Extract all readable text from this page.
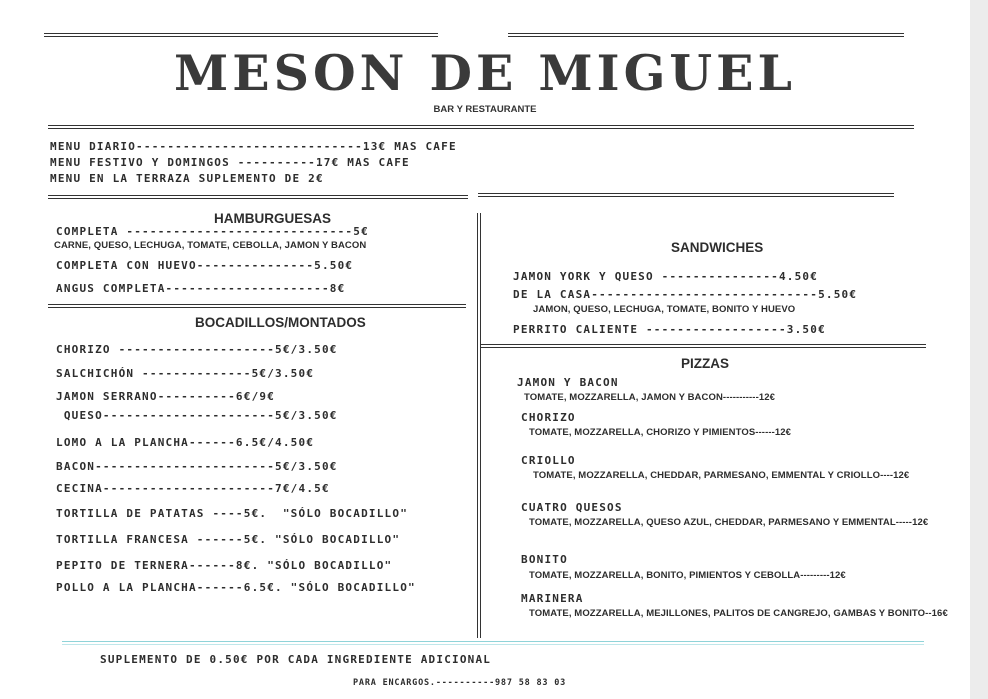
MESON DE MIGUEL
BAR Y RESTAURANTE
MENU DIARIO-----------------------------13€ MAS CAFE
MENU FESTIVO Y DOMINGOS ----------17€ MAS CAFE
MENU EN LA TERRAZA SUPLEMENTO DE 2€
HAMBURGUESAS
COMPLETA -----------------------------5€
CARNE, QUESO, LECHUGA, TOMATE, CEBOLLA, JAMON Y BACON
COMPLETA CON HUEVO---------------5.50€
ANGUS COMPLETA---------------------8€
BOCADILLOS/MONTADOS
CHORIZO --------------------5€/3.50€
SALCHICHÓN --------------5€/3.50€
JAMON SERRANO----------6€/9€
QUESO----------------------5€/3.50€
LOMO A LA PLANCHA------6.5€/4.50€
BACON-----------------------5€/3.50€
CECINA----------------------7€/4.5€
TORTILLA DE PATATAS ----5€.  "SÓLO BOCADILLO"
TORTILLA FRANCESA ------5€. "SÓLO BOCADILLO"
PEPITO DE TERNERA------8€. "SÓLO BOCADILLO"
POLLO A LA PLANCHA------6.5€. "SÓLO BOCADILLO"
SANDWICHES
JAMON YORK Y QUESO ---------------4.50€
DE LA CASA-----------------------------5.50€
JAMON, QUESO, LECHUGA, TOMATE, BONITO Y HUEVO
PERRITO CALIENTE ------------------3.50€
PIZZAS
JAMON Y BACON
TOMATE, MOZZARELLA, JAMON Y BACON-----------12€
CHORIZO
TOMATE, MOZZARELLA, CHORIZO Y PIMIENTOS------12€
CRIOLLO
TOMATE, MOZZARELLA, CHEDDAR, PARMESANO, EMMENTAL Y CRIOLLO----12€
CUATRO QUESOS
TOMATE, MOZZARELLA, QUESO AZUL, CHEDDAR, PARMESANO Y EMMENTAL-----12€
BONITO
TOMATE, MOZZARELLA, BONITO, PIMIENTOS Y CEBOLLA---------12€
MARINERA
TOMATE, MOZZARELLA, MEJILLONES, PALITOS DE CANGREJO, GAMBAS Y BONITO--16€
SUPLEMENTO DE 0.50€ POR CADA INGREDIENTE ADICIONAL
PARA ENCARGOS.----------987 58 83 03
